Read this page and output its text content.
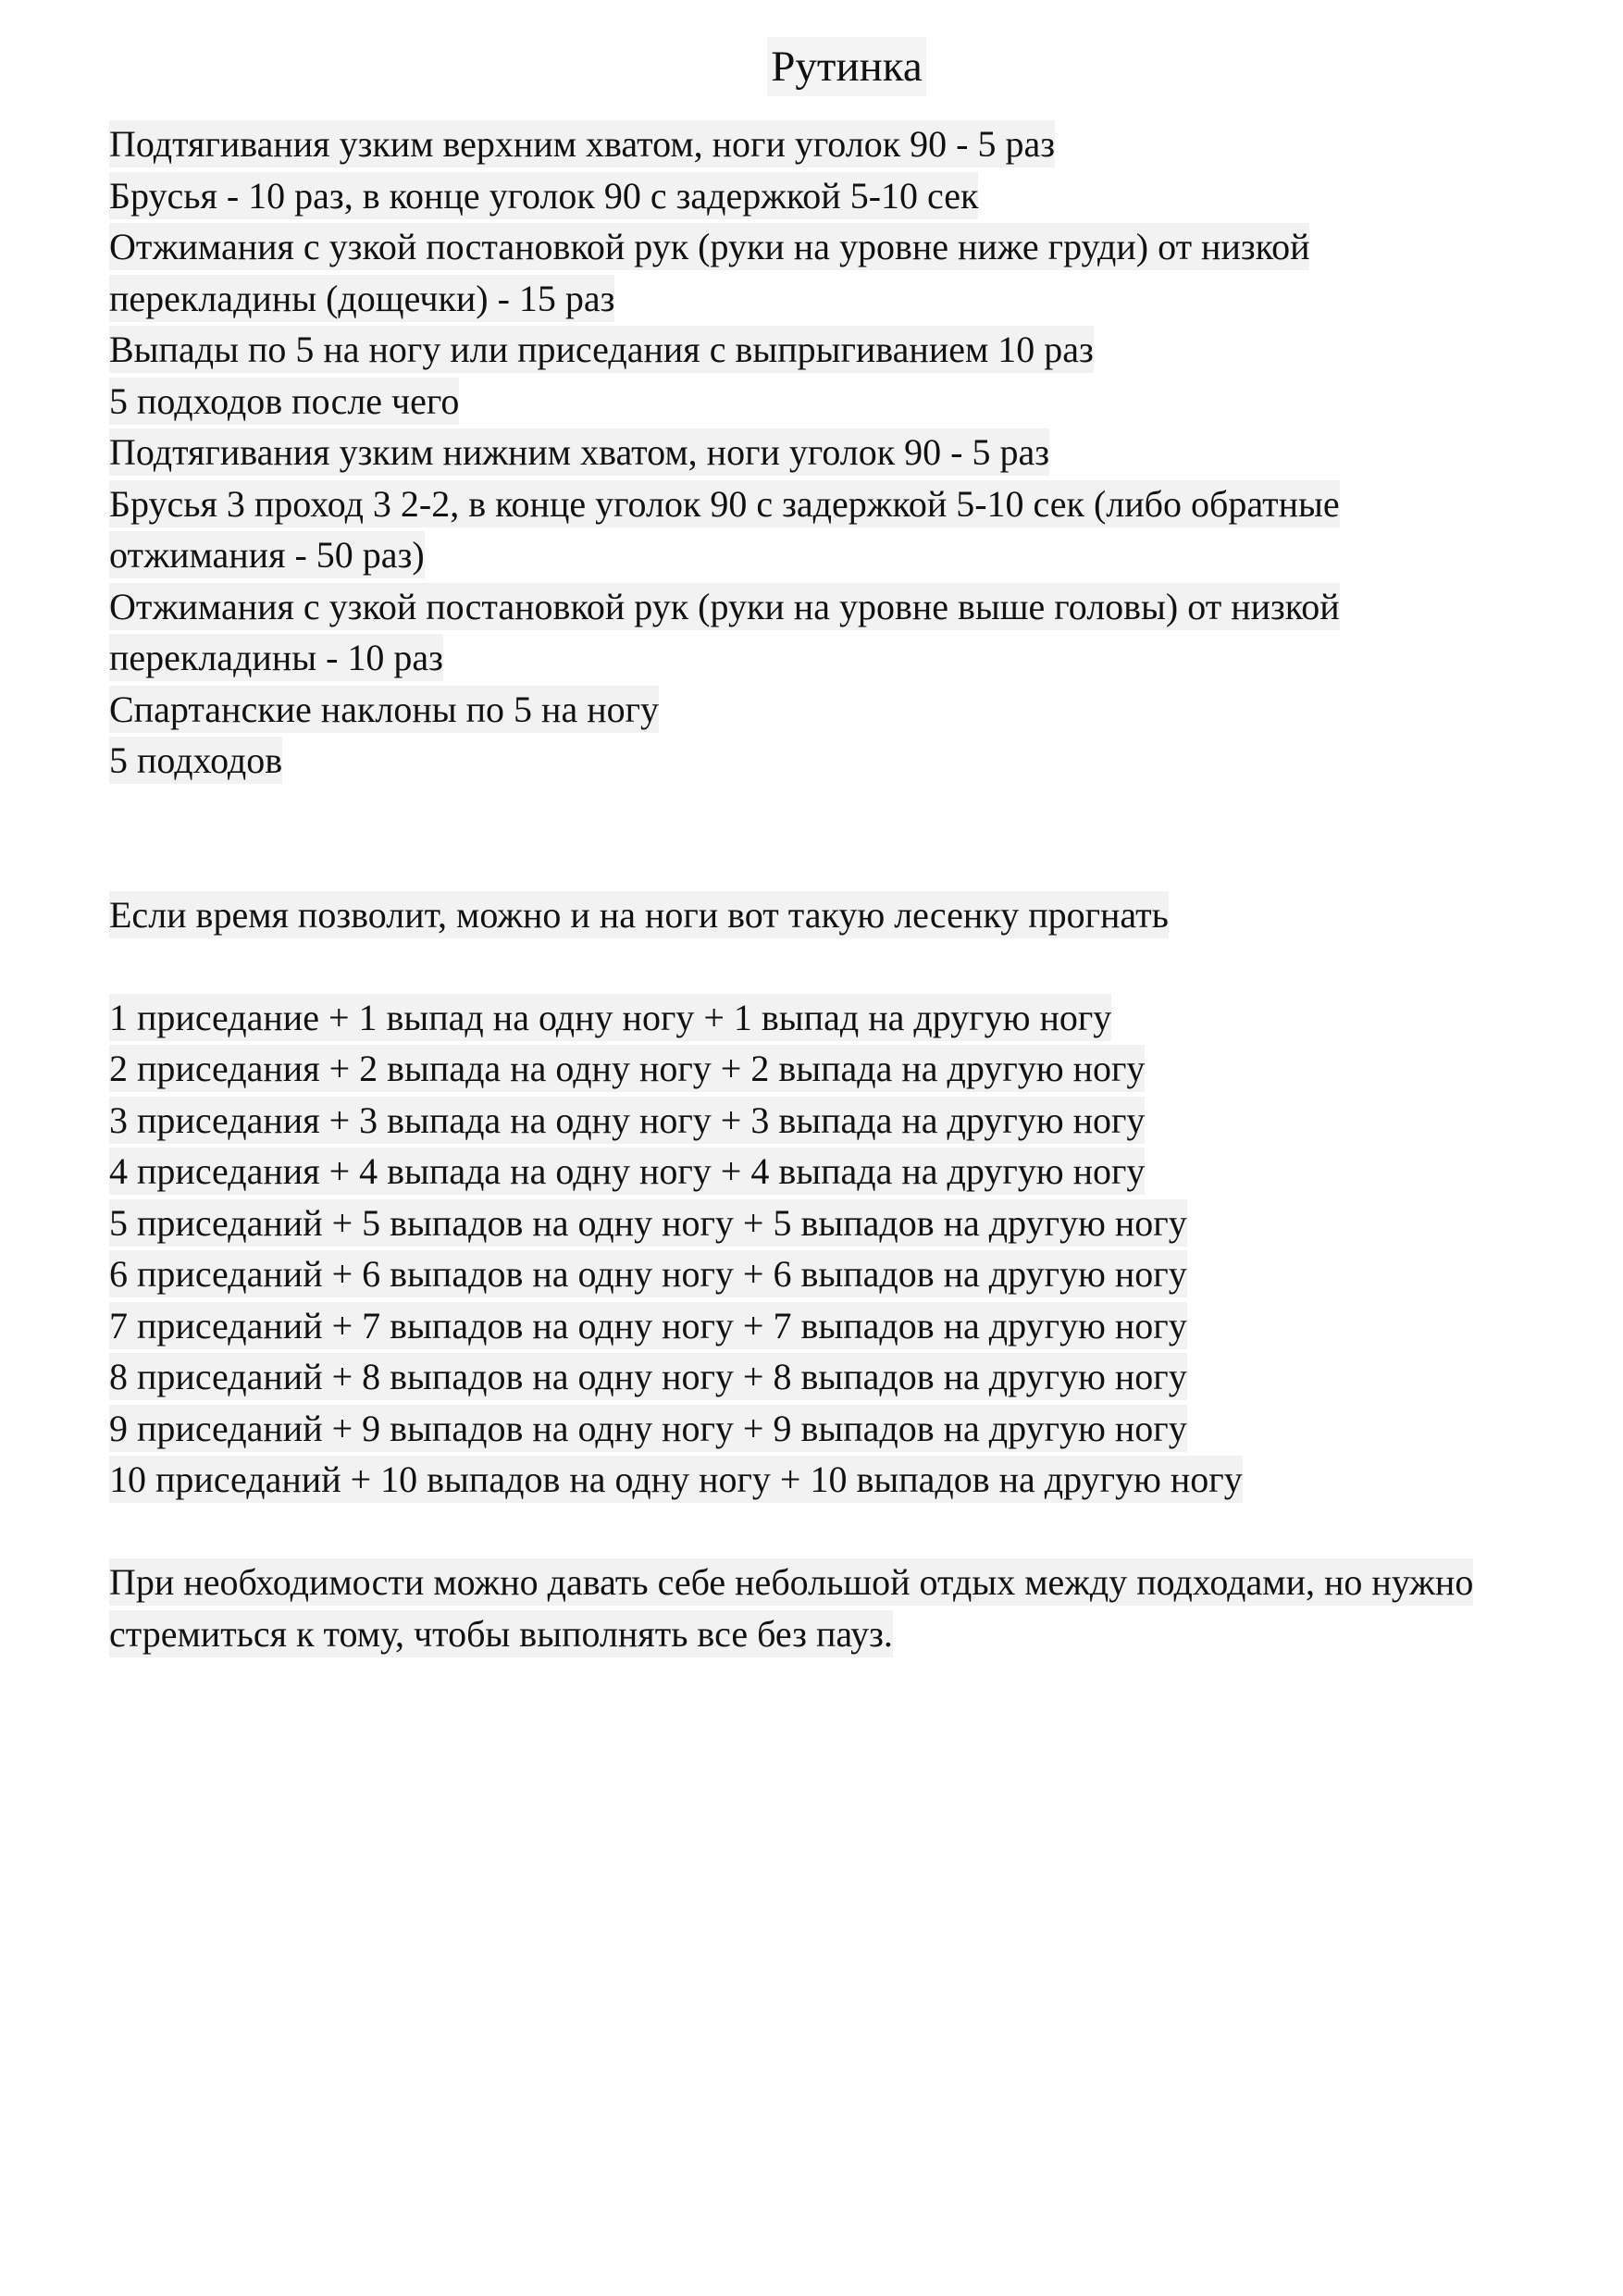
Рутинка
Подтягивания узким верхним хватом, ноги уголок 90 - 5 раз
Брусья - 10 раз, в конце уголок 90 с задержкой 5-10 сек
Отжимания с узкой постановкой рук (руки на уровне ниже груди) от низкой
перекладины (дощечки) - 15 раз
Выпады по 5 на ногу или приседания с выпрыгиванием 10 раз
5 подходов после чего
Подтягивания узким нижним хватом, ноги уголок 90 - 5 раз
Брусья 3 проход 3 2-2, в конце уголок 90 с задержкой 5-10 сек (либо обратные
отжимания - 50 раз)
Отжимания с узкой постановкой рук (руки на уровне выше головы) от низкой
перекладины - 10 раз
Спартанские наклоны по 5 на ногу
5 подходов
Если время позволит, можно и на ноги вот такую лесенку прогнать
1 приседание + 1 выпад на одну ногу + 1 выпад на другую ногу
2 приседания + 2 выпада на одну ногу + 2 выпада на другую ногу
3 приседания + 3 выпада на одну ногу + 3 выпада на другую ногу
4 приседания + 4 выпада на одну ногу + 4 выпада на другую ногу
5 приседаний + 5 выпадов на одну ногу + 5 выпадов на другую ногу
6 приседаний + 6 выпадов на одну ногу + 6 выпадов на другую ногу
7 приседаний + 7 выпадов на одну ногу + 7 выпадов на другую ногу
8 приседаний + 8 выпадов на одну ногу + 8 выпадов на другую ногу
9 приседаний + 9 выпадов на одну ногу + 9 выпадов на другую ногу
10 приседаний + 10 выпадов на одну ногу + 10 выпадов на другую ногу
При необходимости можно давать себе небольшой отдых между подходами, но нужно
стремиться к тому, чтобы выполнять все без пауз.
